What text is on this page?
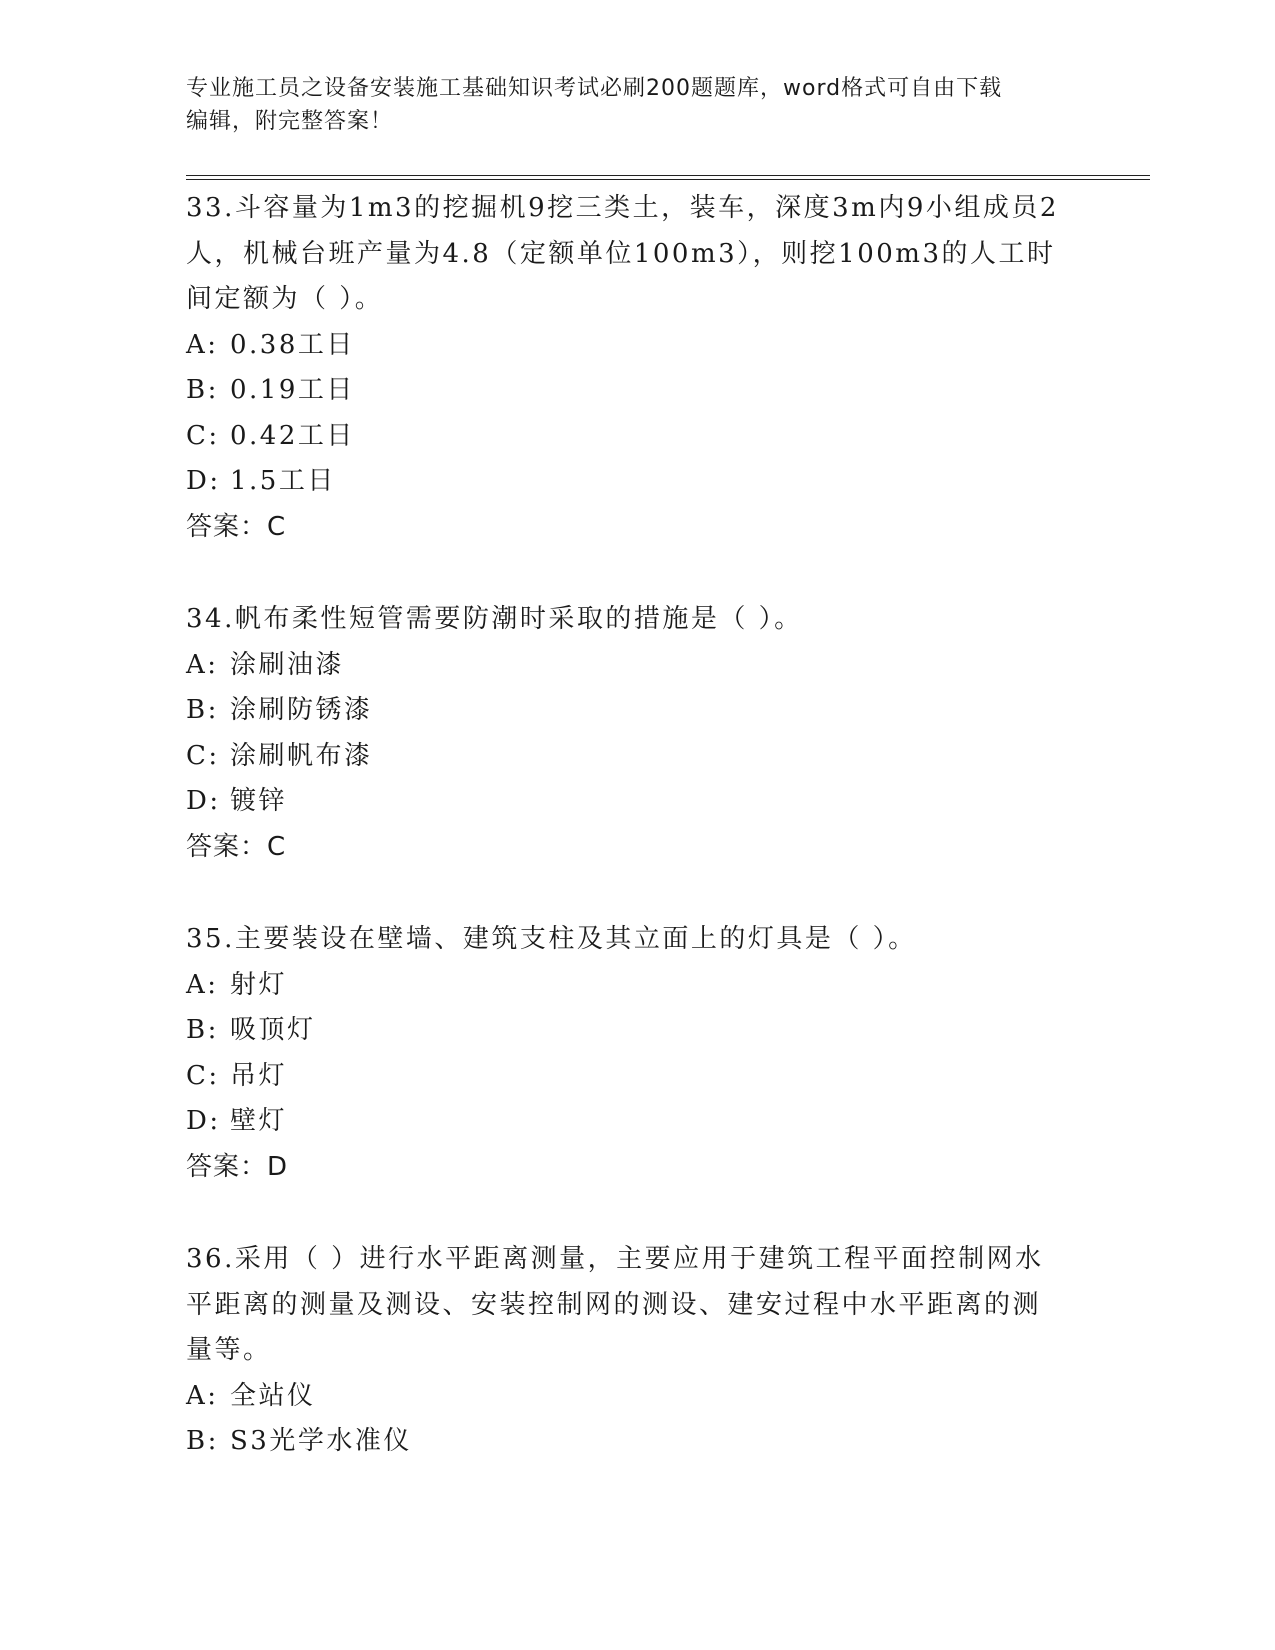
专业施工员之设备安装施工基础知识考试必刷200题题库，word格式可自由下载
编辑，附完整答案！
33.斗容量为1m3的挖掘机9挖三类土，装车，深度3m内9小组成员2人，机械台班产量为4.8（定额单位100m3），则挖100m3的人工时间定额为（ ）。
A: 0.38工日
B: 0.19工日
C: 0.42工日
D: 1.5工日
答案：C
34.帆布柔性短管需要防潮时采取的措施是（ ）。
A: 涂刷油漆
B: 涂刷防锈漆
C: 涂刷帆布漆
D: 镀锌
答案：C
35.主要装设在壁墙、建筑支柱及其立面上的灯具是（ ）。
A: 射灯
B: 吸顶灯
C: 吊灯
D: 壁灯
答案：D
36.采用（ ）进行水平距离测量，主要应用于建筑工程平面控制网水平距离的测量及测设、安装控制网的测设、建安过程中水平距离的测量等。
A: 全站仪
B: S3光学水准仪
